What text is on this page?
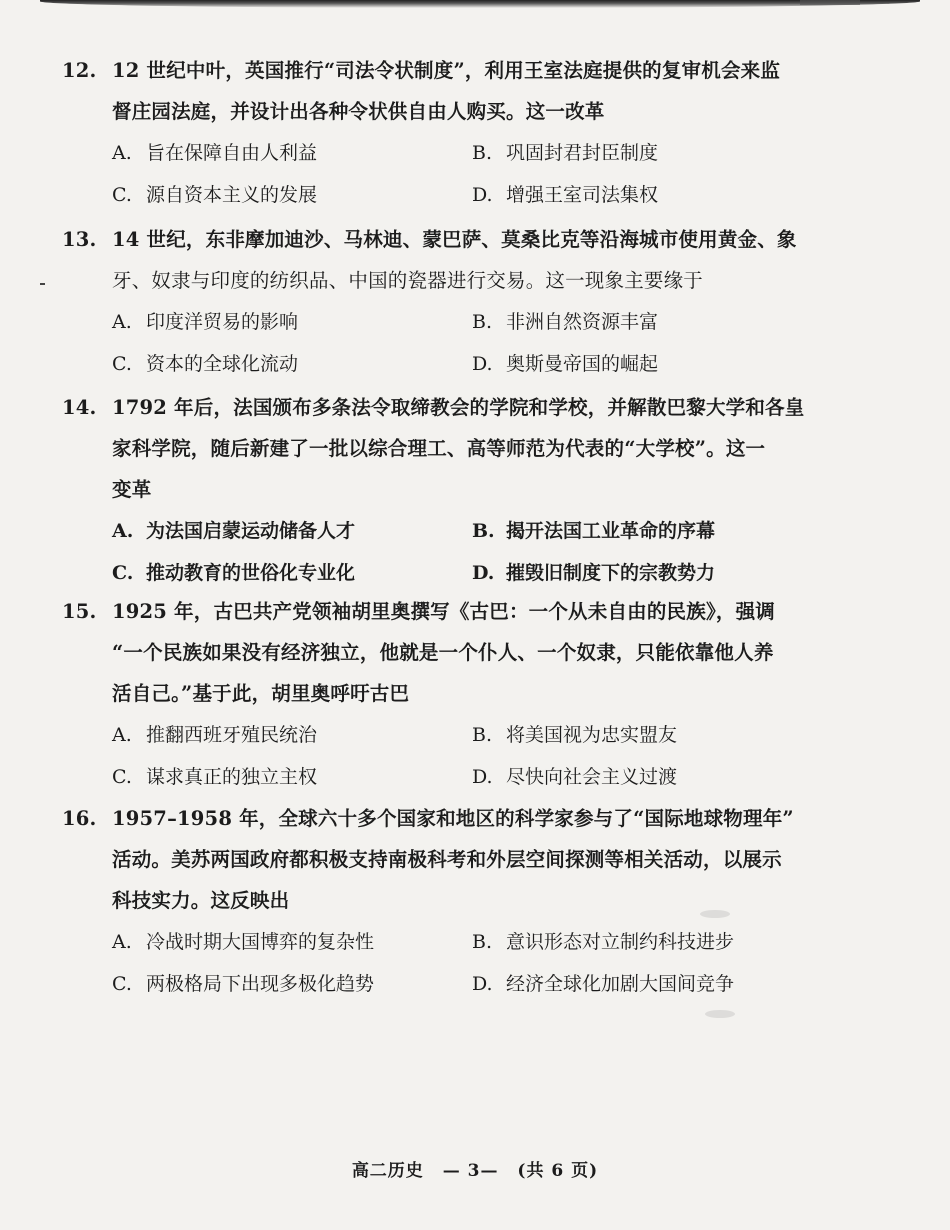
12. 12 世纪中叶，英国推行“司法令状制度”，利用王室法庭提供的复审机会来监
督庄园法庭，并设计出各种令状供自由人购买。这一改革
A. 旨在保障自由人利益	B. 巩固封君封臣制度
C. 源自资本主义的发展	D. 增强王室司法集权
13. 14 世纪，东非摩加迪沙、马林迪、蒙巴萨、莫桑比克等沿海城市使用黄金、象
牙、奴隶与印度的纺织品、中国的瓷器进行交易。这一现象主要缘于
A. 印度洋贸易的影响	B. 非洲自然资源丰富
C. 资本的全球化流动	D. 奥斯曼帝国的崛起
14. 1792 年后，法国颁布多条法令取缔教会的学院和学校，并解散巴黎大学和各皇
家科学院，随后新建了一批以综合理工、高等师范为代表的“大学校”。这一
变革
A. 为法国启蒙运动储备人才	B. 揭开法国工业革命的序幕
C. 推动教育的世俗化专业化	D. 摧毁旧制度下的宗教势力
15. 1925 年，古巴共产党领袖胡里奥撰写《古巴：一个从未自由的民族》，强调
“一个民族如果没有经济独立，他就是一个仆人、一个奴隶，只能依靠他人养
活自己。”基于此，胡里奥呼吁古巴
A. 推翻西班牙殖民统治	B. 将美国视为忠实盟友
C. 谋求真正的独立主权	D. 尽快向社会主义过渡
16. 1957–1958 年，全球六十多个国家和地区的科学家参与了“国际地球物理年”
活动。美苏两国政府都积极支持南极科考和外层空间探测等相关活动，以展示
科技实力。这反映出
A. 冷战时期大国博弈的复杂性	B. 意识形态对立制约科技进步
C. 两极格局下出现多极化趋势	D. 经济全球化加剧大国间竞争
高二历史 — 3— (共 6 页)
